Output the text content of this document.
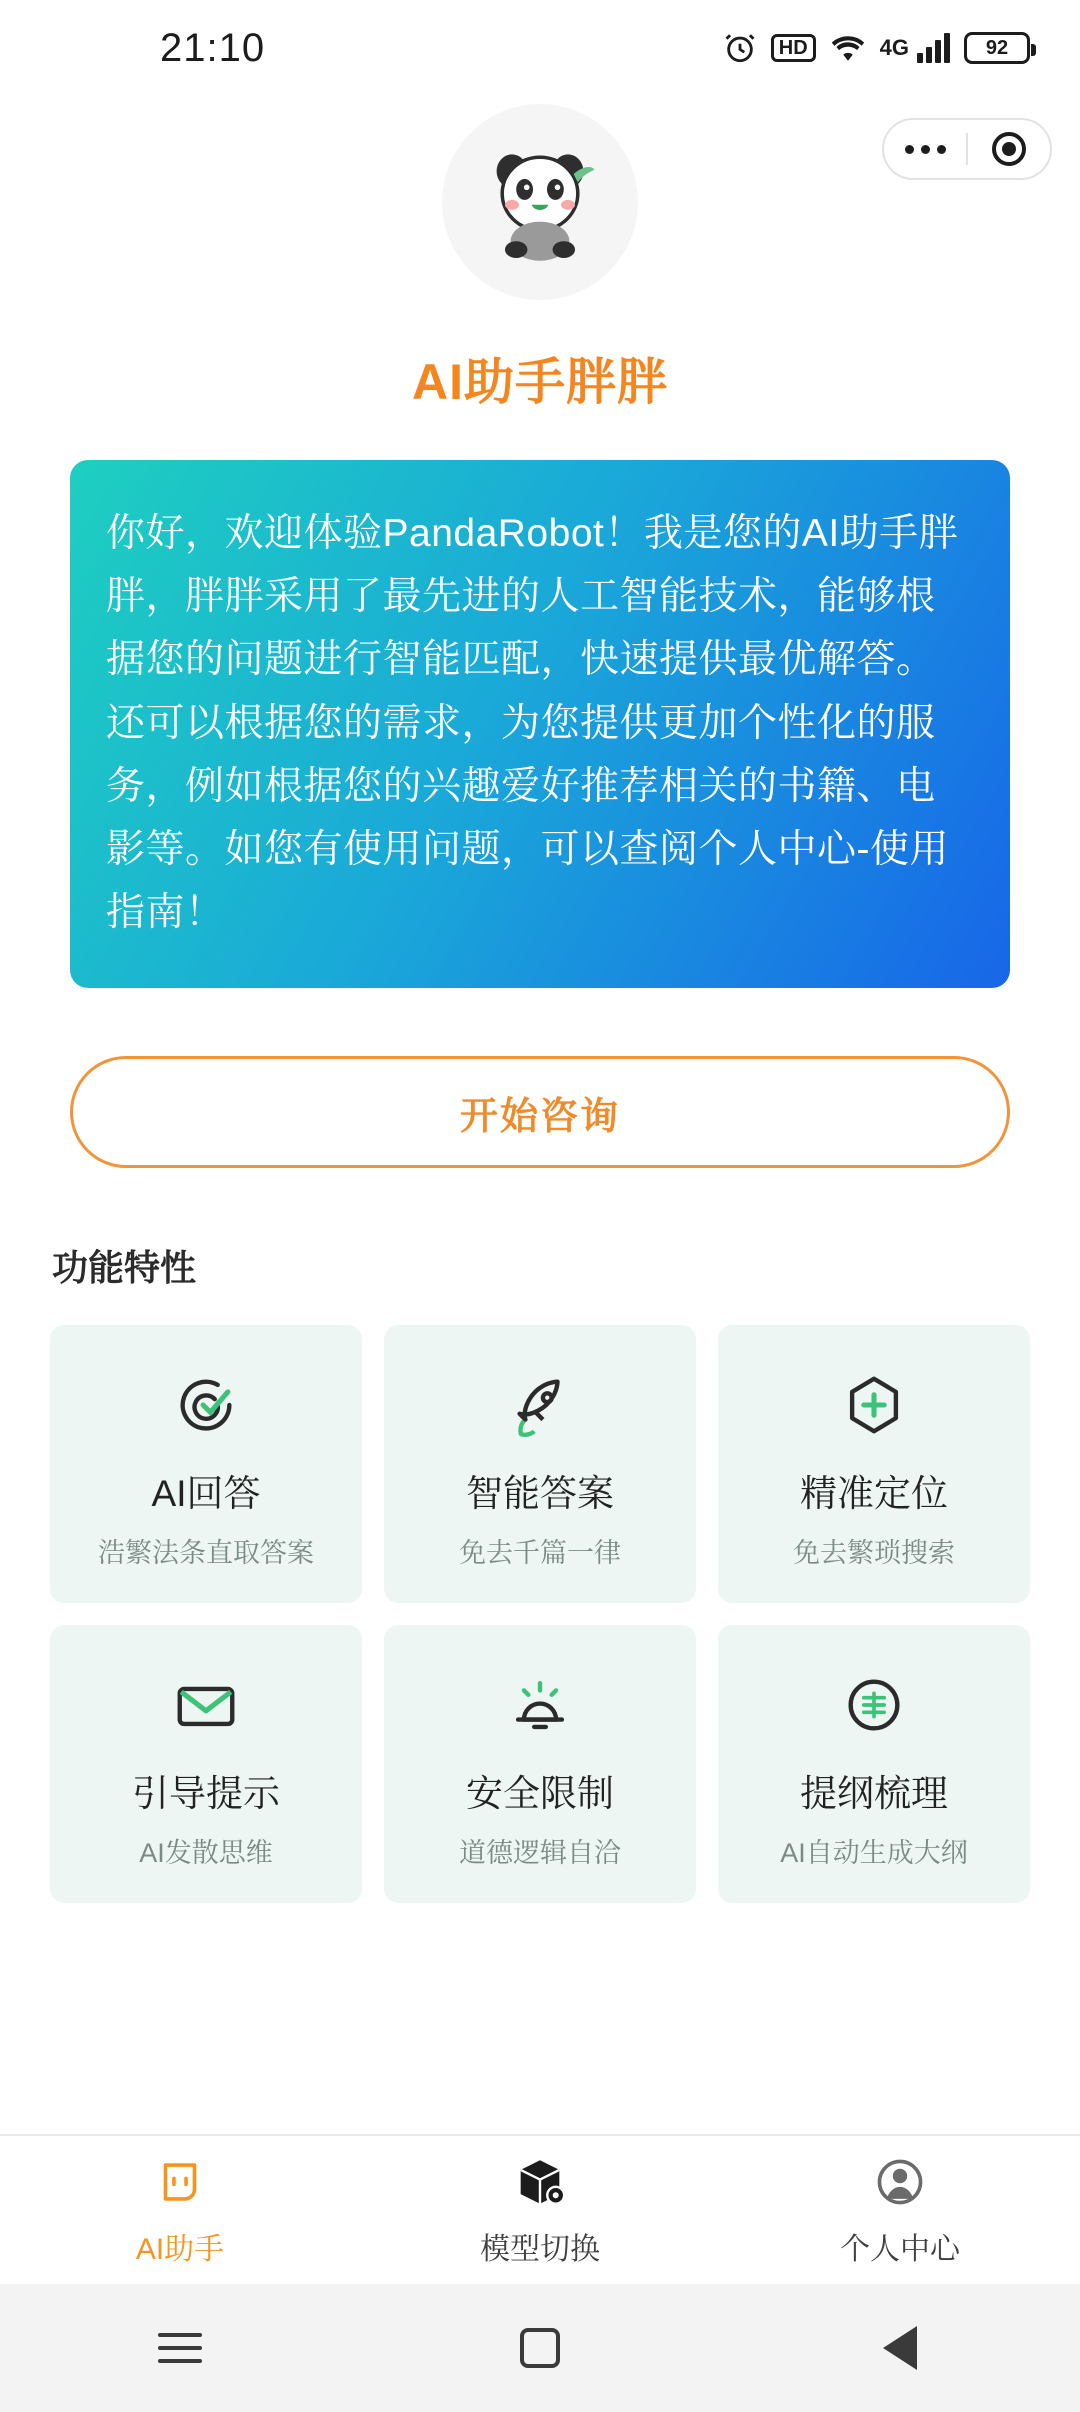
21:10	HD	4G	92
AI助手胖胖
你好，欢迎体验PandaRobot！我是您的AI助手胖胖，胖胖采用了最先进的人工智能技术，能够根据您的问题进行智能匹配，快速提供最优解答。还可以根据您的需求，为您提供更加个性化的服务，例如根据您的兴趣爱好推荐相关的书籍、电影等。如您有使用问题，可以查阅个人中心-使用指南！
开始咨询
功能特性
AI回答
浩繁法条直取答案
智能答案
免去千篇一律
精准定位
免去繁琐搜索
引导提示
AI发散思维
安全限制
道德逻辑自洽
提纲梳理
AI自动生成大纲
AI助手	模型切换	个人中心
